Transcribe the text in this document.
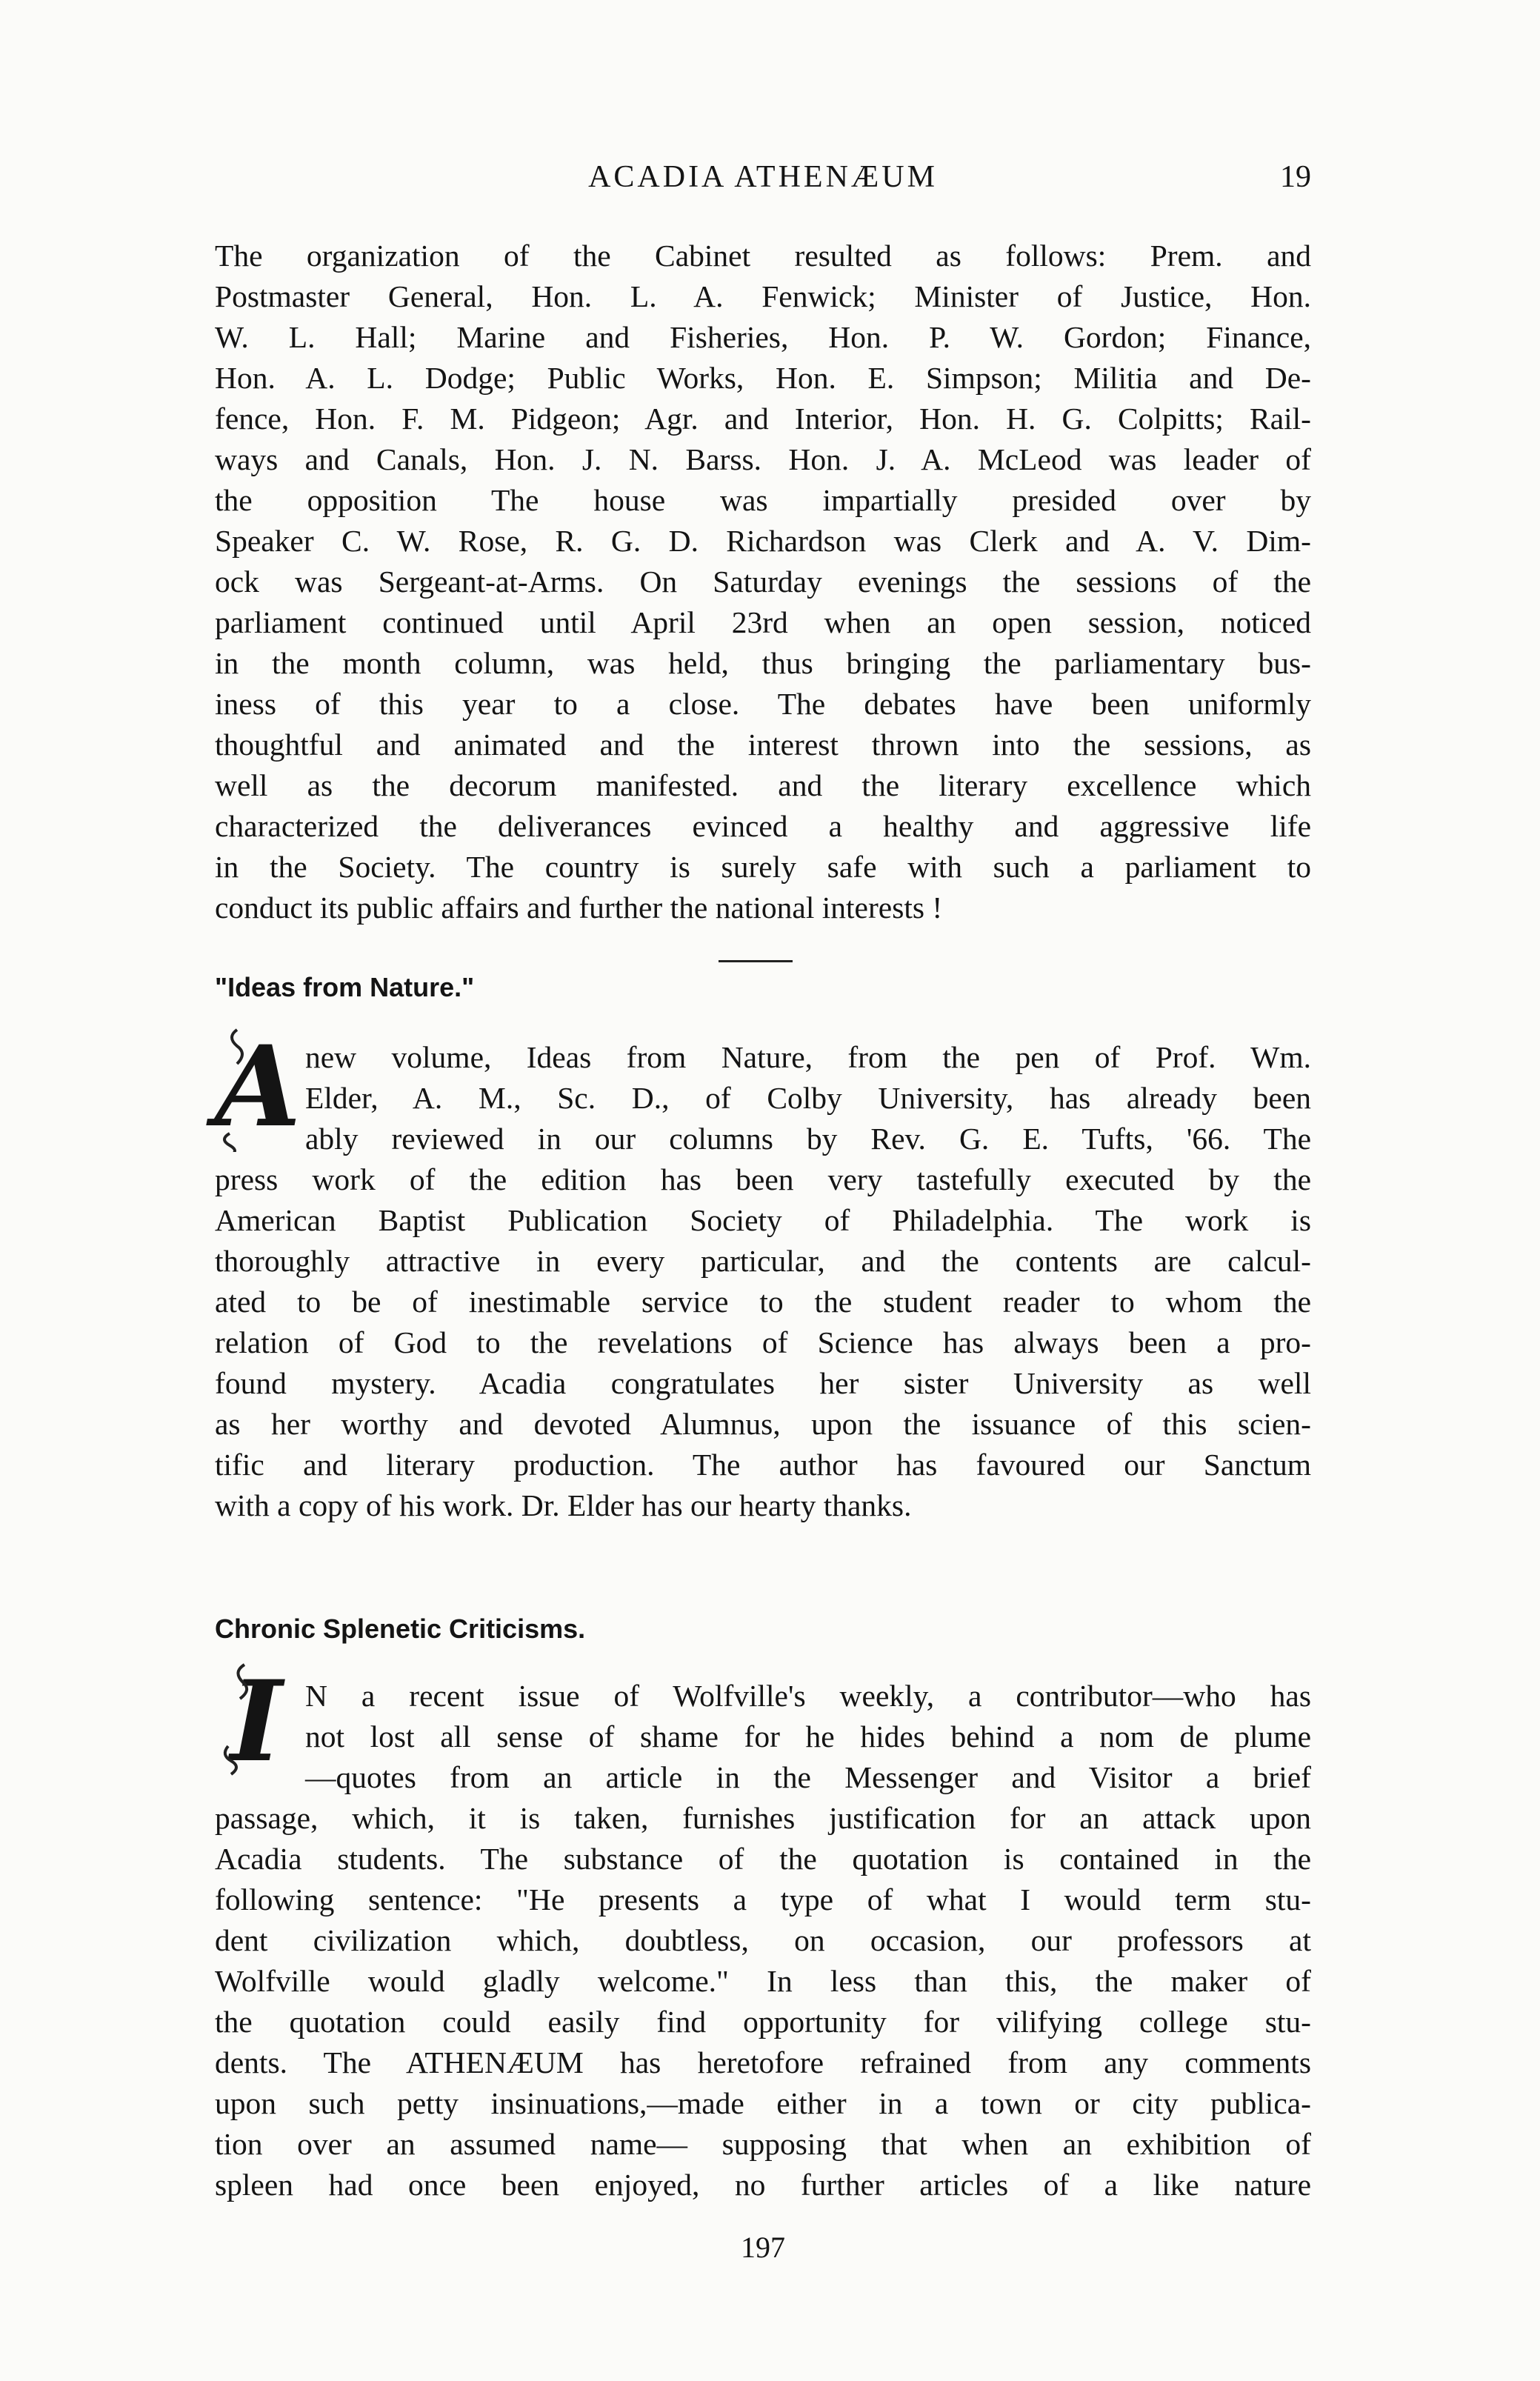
ACADIA ATHENÆUM	19

The organization of the Cabinet resulted as follows: Prem. and

Postmaster General, Hon. L. A. Fenwick; Minister of Justice, Hon.

W. L. Hall; Marine and Fisheries, Hon. P. W. Gordon; Finance,

Hon. A. L. Dodge; Public Works, Hon. E. Simpson; Militia and De-

fence, Hon. F. M. Pidgeon; Agr. and Interior, Hon. H. G. Colpitts; Rail-

ways and Canals, Hon. J. N. Barss. Hon. J. A. McLeod was leader of

the opposition The house was impartially presided over by

Speaker C. W. Rose, R. G. D. Richardson was Clerk and A. V. Dim-

ock was Sergeant-at-Arms. On Saturday evenings the sessions of the

parliament continued until April 23rd when an open session, noticed

in the month column, was held, thus bringing the parliamentary bus-

iness of this year to a close. The debates have been uniformly

thoughtful and animated and the interest thrown into the sessions, as

well as the decorum manifested. and the literary excellence which

characterized the deliverances evinced a healthy and aggressive life

in the Society. The country is surely safe with such a parliament to

conduct its public affairs and further the national interests !

"Ideas from Nature."
A new volume, Ideas from Nature, from the pen of Prof. Wm.

Elder, A. M., Sc. D., of Colby University, has already been

ably reviewed in our columns by Rev. G. E. Tufts, '66. The

press work of the edition has been very tastefully executed by the

American Baptist Publication Society of Philadelphia. The work is

thoroughly attractive in every particular, and the contents are calcul-

ated to be of inestimable service to the student reader to whom the

relation of God to the revelations of Science has always been a pro-

found mystery. Acadia congratulates her sister University as well

as her worthy and devoted Alumnus, upon the issuance of this scien-

tific and literary production. The author has favoured our Sanctum

with a copy of his work. Dr. Elder has our hearty thanks.

Chronic Splenetic Criticisms.
I N a recent issue of Wolfville's weekly, a contributor—who has

not lost all sense of shame for he hides behind a nom de plume

—quotes from an article in the Messenger and Visitor a brief

passage, which, it is taken, furnishes justification for an attack upon

Acadia students. The substance of the quotation is contained in the

following sentence: "He presents a type of what I would term stu-

dent civilization which, doubtless, on occasion, our professors at

Wolfville would gladly welcome." In less than this, the maker of

the quotation could easily find opportunity for vilifying college stu-

dents. The ATHENÆUM has heretofore refrained from any comments

upon such petty insinuations,—made either in a town or city publica-

tion over an assumed name— supposing that when an exhibition of

spleen had once been enjoyed, no further articles of a like nature

197
